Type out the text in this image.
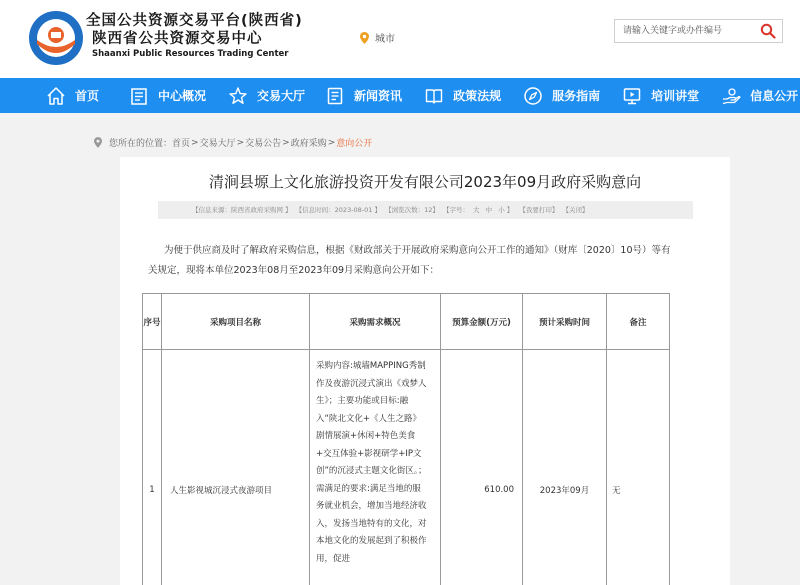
全国公共资源交易平台(陕西省)
陕西省公共资源交易中心
Shaanxi Public Resources Trading Center
城市
请输入关键字或办件编号
首页	中心概况	交易大厅	新闻资讯	政策法规	服务指南	培训讲堂	信息公开
您所在的位置： 首页 > 交易大厅 > 交易公告 > 政府采购 > 意向公开
清涧县塬上文化旅游投资开发有限公司2023年09月政府采购意向
【信息来源：陕西省政府采购网 】 【信息时间：2023-08-01 】 【浏览次数：12】 【字号： 大 中 小 】 【我要打印】 【关闭】
为便于供应商及时了解政府采购信息，根据《财政部关于开展政府采购意向公开工作的通知》（财库〔2020〕10号）等有
关规定，现将本单位2023年08月至2023年09月采购意向公开如下：
序号	采购项目名称	采购需求概况	预算金额(万元)	预计采购时间	备注
1	人生影视城沉浸式夜游项目	采购内容:城墙MAPPING秀制作及夜游沉浸式演出《戏梦人生》；主要功能或目标:融入“陕北文化+《人生之路》剧情展演+休闲+特色美食+交互体验+影视研学+IP文创”的沉浸式主题文化街区。；需满足的要求:满足当地的服务就业机会，增加当地经济收入，发扬当地特有的文化，对本地文化的发展起到了积极作用，促进	610.00	2023年09月	无
